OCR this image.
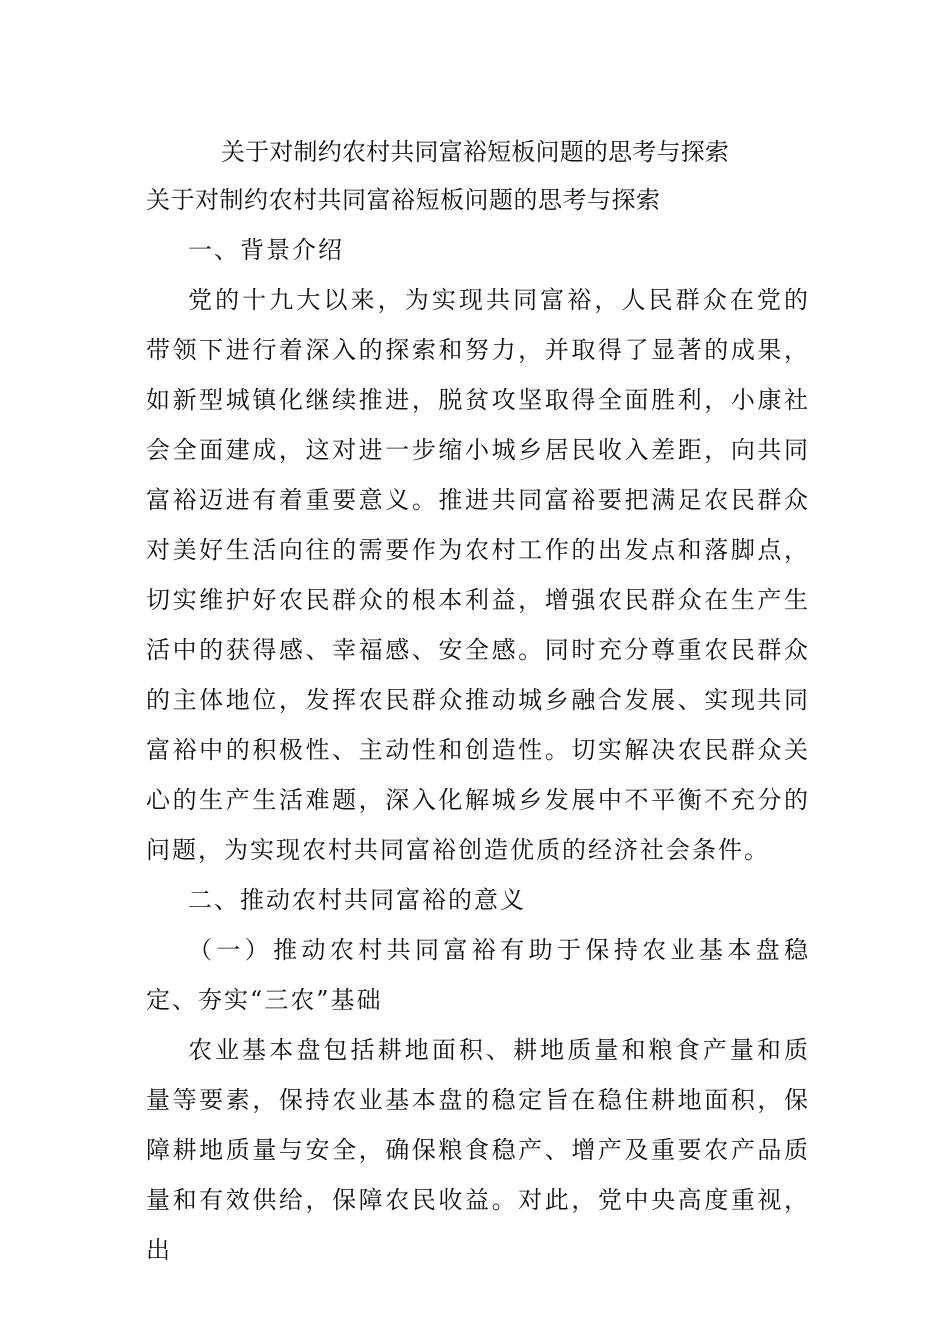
关于对制约农村共同富裕短板问题的思考与探索

关于对制约农村共同富裕短板问题的思考与探索

一、背景介绍

党的十九大以来，为实现共同富裕，人民群众在党的带领下进行着深入的探索和努力，并取得了显著的成果，如新型城镇化继续推进，脱贫攻坚取得全面胜利，小康社会全面建成，这对进一步缩小城乡居民收入差距，向共同富裕迈进有着重要意义。推进共同富裕要把满足农民群众对美好生活向往的需要作为农村工作的出发点和落脚点，切实维护好农民群众的根本利益，增强农民群众在生产生活中的获得感、幸福感、安全感。同时充分尊重农民群众的主体地位，发挥农民群众推动城乡融合发展、实现共同富裕中的积极性、主动性和创造性。切实解决农民群众关心的生产生活难题，深入化解城乡发展中不平衡不充分的问题，为实现农村共同富裕创造优质的经济社会条件。

二、推动农村共同富裕的意义

（一）推动农村共同富裕有助于保持农业基本盘稳定、夯实“三农”基础

农业基本盘包括耕地面积、耕地质量和粮食产量和质量等要素，保持农业基本盘的稳定旨在稳住耕地面积，保障耕地质量与安全，确保粮食稳产、增产及重要农产品质量和有效供给，保障农民收益。对此，党中央高度重视，出
